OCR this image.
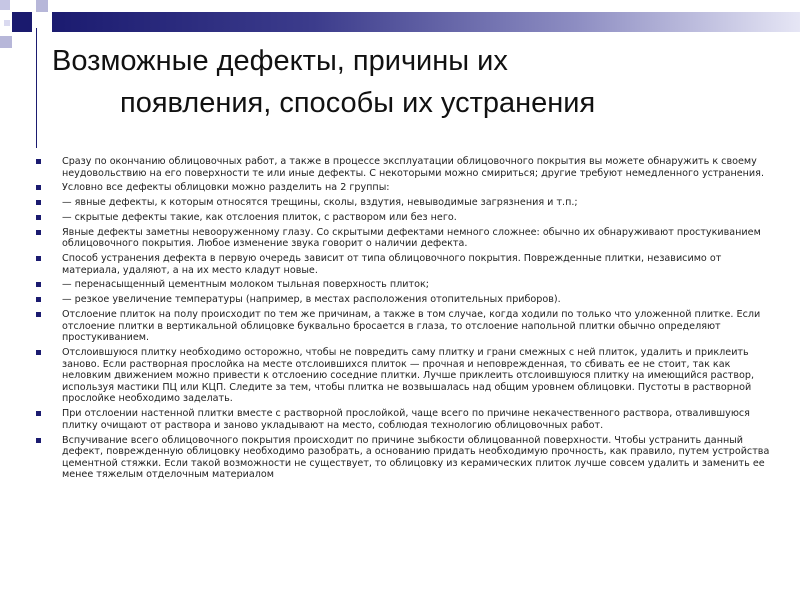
Возможные дефекты, причины их
появления, способы их устранения
Сразу по окончанию облицовочных работ, а также в процессе эксплуатации облицовочного покрытия вы можете обнаружить к своему неудовольствию на его поверхности те или иные дефекты. С некоторыми можно смириться; другие требуют немедленного устранения.
Условно все дефекты облицовки можно разделить на 2 группы:
— явные дефекты, к которым относятся трещины, сколы, вздутия, невыводимые загрязнения и т.п.;
— скрытые дефекты такие, как отслоения плиток, с раствором или без него.
Явные дефекты заметны невооруженному глазу. Со скрытыми дефектами немного сложнее: обычно их обнаруживают простукиванием облицовочного покрытия. Любое изменение звука говорит о наличии дефекта.
Способ устранения дефекта в первую очередь зависит от типа облицовочного покрытия. Поврежденные плитки, независимо от материала, удаляют, а на их место кладут новые.
— перенасыщенный цементным молоком тыльная поверхность плиток;
— резкое увеличение температуры (например, в местах расположения отопительных приборов).
Отслоение плиток на полу происходит по тем же причинам, а также в том случае, когда ходили по только что уложенной плитке. Если отслоение плитки в вертикальной облицовке буквально бросается в глаза, то отслоение напольной плитки обычно определяют простукиванием.
Отслоившуюся плитку необходимо осторожно, чтобы не повредить саму плитку и грани смежных с ней плиток, удалить и приклеить заново. Если растворная прослойка на месте отслоившихся плиток — прочная и неповрежденная, то сбивать ее не стоит, так как неловким движением можно привести к отслоению соседние плитки. Лучше приклеить отслоившуюся плитку на имеющийся раствор, используя мастики ПЦ или КЦП. Следите за тем, чтобы плитка не возвышалась над общим уровнем облицовки. Пустоты в растворной прослойке необходимо заделать.
При отслоении настенной плитки вместе с растворной прослойкой, чаще всего по причине некачественного раствора, отвалившуюся плитку очищают от раствора и заново укладывают на место, соблюдая технологию облицовочных работ.
Вспучивание всего облицовочного покрытия происходит по причине зыбкости облицованной поверхности. Чтобы устранить данный дефект, поврежденную облицовку необходимо разобрать, а основанию придать необходимую прочность, как правило, путем устройства цементной стяжки. Если такой возможности не существует, то облицовку из керамических плиток лучше совсем удалить и заменить ее менее тяжелым отделочным материалом
